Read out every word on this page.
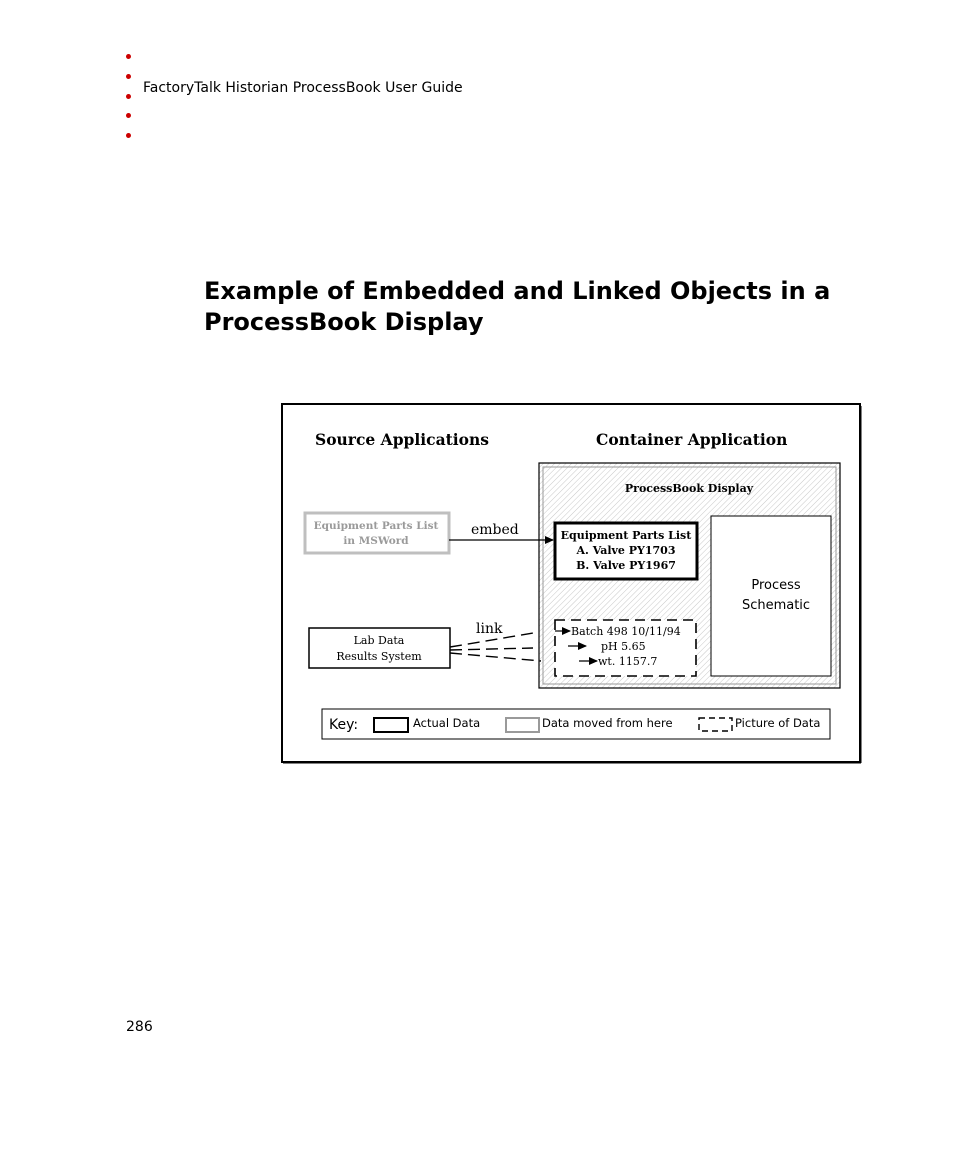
FactoryTalk Historian ProcessBook User Guide
Example of Embedded and Linked Objects in a ProcessBook Display
Source Applications	Container Application
ProcessBook Display
Equipment Parts List
in MSWord
embed	Equipment Parts List
A. Valve PY1703
B. Valve PY1967
Process
Schematic
Lab Data
Results System
link	Batch 498 10/11/94
pH 5.65
wt. 1157.7
Key:	Actual Data	Data moved from here	Picture of Data
286
